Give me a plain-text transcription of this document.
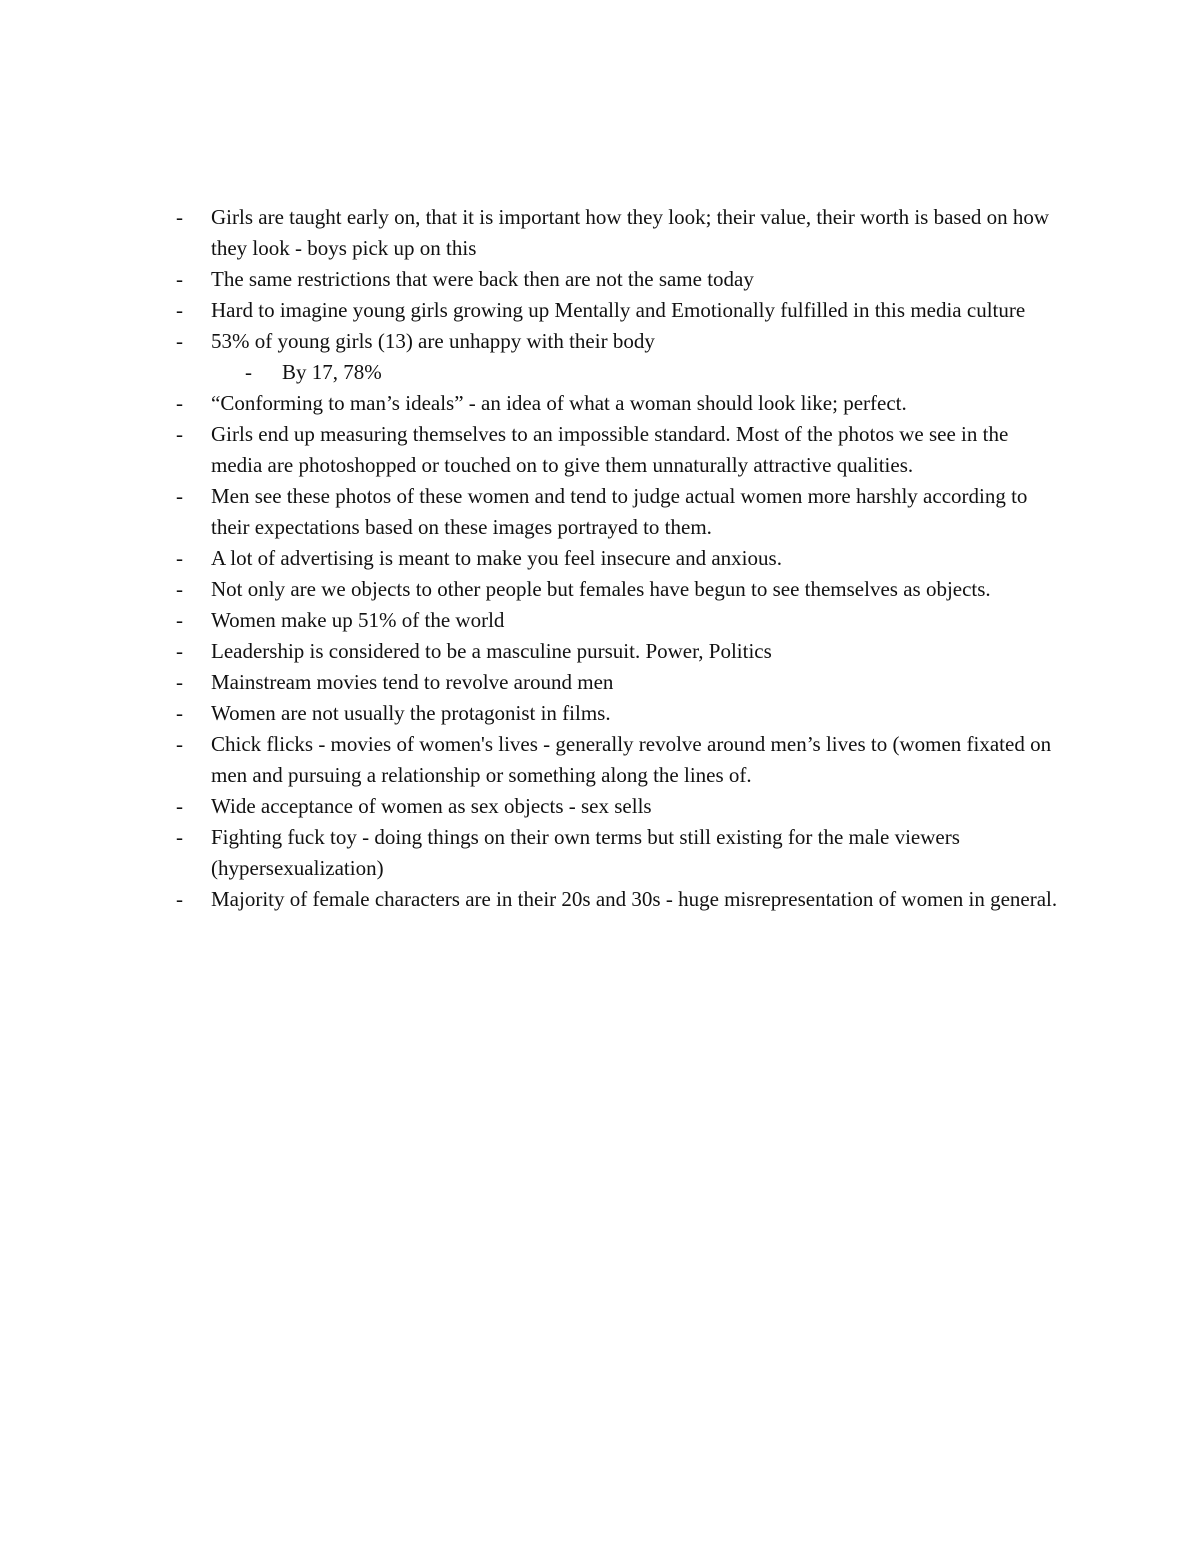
-	Girls are taught early on, that it is important how they look; their value, their worth is based on how they look - boys pick up on this
-	The same restrictions that were back then are not the same today
-	Hard to imagine young girls growing up Mentally and Emotionally fulfilled in this media culture
-	53% of young girls (13) are unhappy with their body
-	By 17, 78%
-	“Conforming to man’s ideals” - an idea of what a woman should look like; perfect.
-	Girls end up measuring themselves to an impossible standard. Most of the photos we see in the media are photoshopped or touched on to give them unnaturally attractive qualities.
-	Men see these photos of these women and tend to judge actual women more harshly according to their expectations based on these images portrayed to them.
-	A lot of advertising is meant to make you feel insecure and anxious.
-	Not only are we objects to other people but females have begun to see themselves as objects.
-	Women make up 51% of the world
-	Leadership is considered to be a masculine pursuit. Power, Politics
-	Mainstream movies tend to revolve around men
-	Women are not usually the protagonist in films.
-	Chick flicks - movies of women's lives - generally revolve around men’s lives to (women fixated on men and pursuing a relationship or something along the lines of.
-	Wide acceptance of women as sex objects - sex sells
-	Fighting fuck toy - doing things on their own terms but still existing for the male viewers (hypersexualization)
-	Majority of female characters are in their 20s and 30s - huge misrepresentation of women in general.
